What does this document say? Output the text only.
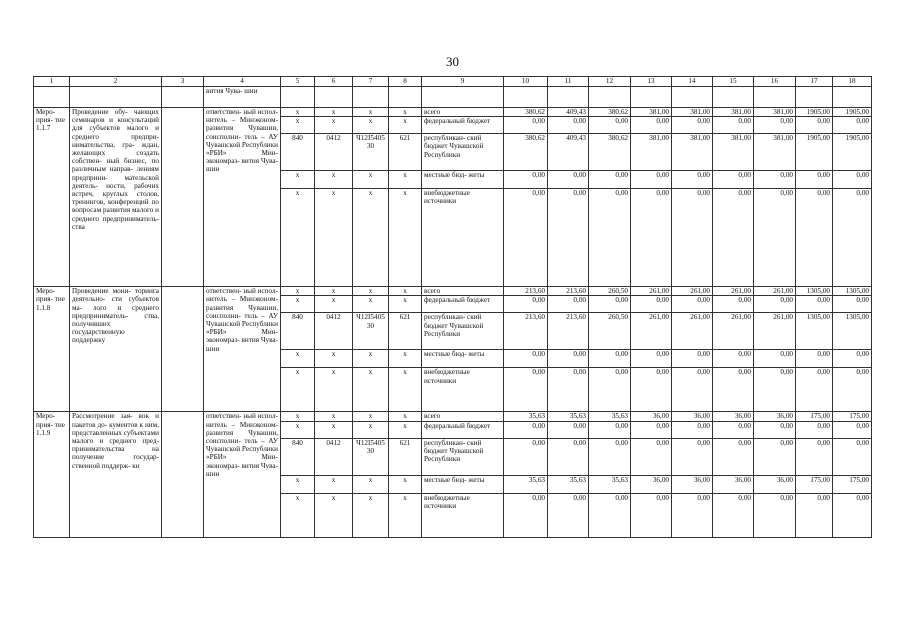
30
1	2	3	4	5	6	7	8	9	10	11	12	13	14	15	16	17	18
			вития Чува- шии														
Меро- прия- тие 1.1.7	Проведение обу- чающих семинаров и консультаций для субъектов малого и среднего предпри- нимательства, гра- ждан, желающих создать собствен- ный бизнес, по различным направ- лениям предприни- мательской деятель- ности, рабочих встреч, круглых столов, тренингов, конференций по вопросам развития малого и среднего предприниматель- ства		ответствен- ный испол- нитель – Минэконом- развития Чувашии, соисполни- тель – АУ Чувашской Республики «РБИ» Мин- экономраз- вития Чува- шии	x	x	x	x	всего	380,62	409,43	380,62	381,00	381,00	381,00	381,00	1905,00	1905,00
				x	x	x	x	федеральный бюджет	0,00	0,00	0,00	0,00	0,00	0,00	0,00	0,00	0,00
				840	0412	Ч12I5405 30	621	республикан- ский бюджет Чувашской Республики	380,62	409,43	380,62	381,00	381,00	381,00	381,00	1905,00	1905,00
				x	x	x	x	местные бюд- жеты	0,00	0,00	0,00	0,00	0,00	0,00	0,00	0,00	0,00
				x	x	x	x	внебюджетные источники	0,00	0,00	0,00	0,00	0,00	0,00	0,00	0,00	0,00
Меро- прия- тие 1.1.8	Проведение мони- торинга деятельно- сти субъектов ма- лого и среднего предприниматель- ства, получивших государственную поддержку		ответствен- ный испол- нитель – Минэконом- развития Чувашии, соисполни- тель – АУ Чувашской Республики «РБИ» Мин- экономраз- вития Чува- шии	x	x	x	x	всего	213,60	213,60	260,50	261,00	261,00	261,00	261,00	1305,00	1305,00
				x	x	x	x	федеральный бюджет	0,00	0,00	0,00	0,00	0,00	0,00	0,00	0,00	0,00
				840	0412	Ч12I5405 30	621	республикан- ский бюджет Чувашской Республики	213,60	213,60	260,50	261,00	261,00	261,00	261,00	1305,00	1305,00
				x	x	x	x	местные бюд- жеты	0,00	0,00	0,00	0,00	0,00	0,00	0,00	0,00	0,00
				x	x	x	x	внебюджетные источники	0,00	0,00	0,00	0,00	0,00	0,00	0,00	0,00	0,00
Меро- прия- тие 1.1.9	Рассмотрение зая- вок и пакетов до- кументов к ним, представленных субъектами малого и среднего пред- принимательства на получение государ- ственной поддерж- ки		ответствен- ный испол- нитель – Минэконом- развития Чувашии, соисполни- тель – АУ Чувашской Республики «РБИ» Мин- экономраз- вития Чува- шии	x	x	x	x	всего	35,63	35,63	35,63	36,00	36,00	36,00	36,00	175,00	175,00
				x	x	x	x	федеральный бюджет	0,00	0,00	0,00	0,00	0,00	0,00	0,00	0,00	0,00
				840	0412	Ч12I5405 30	621	республикан- ский бюджет Чувашской Республики	0,00	0,00	0,00	0,00	0,00	0,00	0,00	0,00	0,00
				x	x	x	x	местные бюд- жеты	35,63	35,63	35,63	36,00	36,00	36,00	36,00	175,00	175,00
				x	x	x	x	внебюджетные источники	0,00	0,00	0,00	0,00	0,00	0,00	0,00	0,00	0,00
